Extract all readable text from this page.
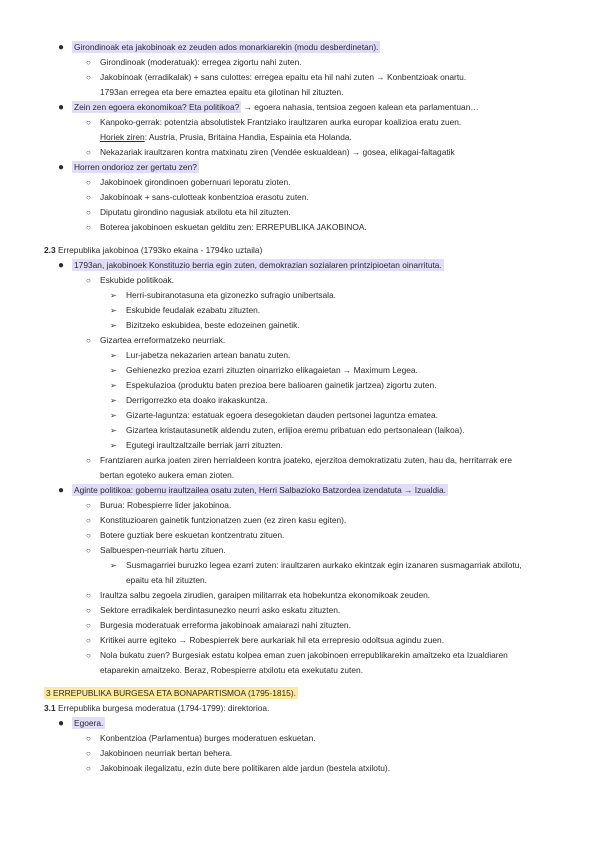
● Girondinoak eta jakobinoak ez zeuden ados monarkiarekin (modu desberdinetan).
○ Girondinoak (moderatuak): erregea zigortu nahi zuten.
○ Jakobinoak (erradikalak) + sans culottes: erregea epaitu eta hil nahi zuten → Konbentzioak onartu.
1793an erregea eta bere emaztea epaitu eta gilotinan hil zituzten.
● Zein zen egoera ekonomikoa? Eta politikoa? → egoera nahasia, tentsioa zegoen kalean eta parlamentuan…
○ Kanpoko-gerrak: potentzia absolutistek Frantziako iraultzaren aurka europar koalizioa eratu zuen.
Horiek ziren: Austria, Prusia, Britaina Handia, Espainia eta Holanda.
○ Nekazariak iraultzaren kontra matxinatu ziren (Vendée eskualdean) → gosea, elikagai-faltagatik
● Horren ondorioz zer gertatu zen?
○ Jakobinoek girondinoen gobernuari leporatu zioten.
○ Jakobinoak + sans-culotteak konbentzioa erasotu zuten.
○ Diputatu girondino nagusiak atxilotu eta hil zituzten.
○ Boterea jakobinoen eskuetan gelditu zen: ERREPUBLIKA JAKOBINOA.
2.3 Errepublika jakobinoa (1793ko ekaina - 1794ko uztaila)
● 1793an, jakobinoek Konstituzio berria egin zuten, demokrazian sozialaren printzipioetan oinarrituta.
○ Eskubide politikoak.
➢ Herri-subiranotasuna eta gizonezko sufragio unibertsala.
➢ Eskubide feudalak ezabatu zituzten.
➢ Bizitzeko eskubidea, beste edozeinen gainetik.
○ Gizartea erreformatzeko neurriak.
➢ Lur-jabetza nekazarien artean banatu zuten.
➢ Gehienezko prezioa ezarri zituzten oinarrizko elikagaietan → Maximum Legea.
➢ Espekulazioa (produktu baten prezioa bere balioaren gainetik jartzea) zigortu zuten.
➢ Derrigorrezko eta doako irakaskuntza.
➢ Gizarte-laguntza: estatuak egoera desegokietan dauden pertsonei laguntza ematea.
➢ Gizartea kristautasunetik aldendu zuten, erlijioa eremu pribatuan edo pertsonalean (laikoa).
➢ Egutegi iraultzaltzaile berriak jarri zituzten.
○ Frantziaren aurka joaten ziren herrialdeen kontra joateko, ejerzitoa demokratizatu zuten, hau da, herritarrak ere bertan egoteko aukera eman zioten.
● Aginte politikoa: gobernu iraultzailea osatu zuten, Herri Salbazioko Batzordea izendatuta → Izualdia.
○ Burua: Robespierre lider jakobinoa.
○ Konstituzioaren gainetik funtzionatzen zuen (ez ziren kasu egiten).
○ Botere guztiak bere eskuetan kontzentratu zituen.
○ Salbuespen-neurriak hartu zituen.
➢ Susmagarriei buruzko legea ezarri zuten: iraultzaren aurkako ekintzak egin izanaren susmagarriak atxilotu, epaitu eta hil zituzten.
○ Iraultza salbu zegoela zirudien, garaipen militarrak eta hobekuntza ekonomikoak zeuden.
○ Sektore erradikalek berdintasunezko neurri asko eskatu zituzten.
○ Burgesia moderatuak erreforma jakobinoak amaiarazi nahi zituzten.
○ Kritikei aurre egiteko → Robespierrek bere aurkariak hil eta errepresio odoltsua agindu zuen.
○ Nola bukatu zuen? Burgesiak estatu kolpea eman zuen jakobinoen errepublikarekin amaitzeko eta Izualdiaren etaparekin amaitzeko. Beraz, Robespierre atxilotu eta exekutatu zuten.
3 ERREPUBLIKA BURGESA ETA BONAPARTISMOA (1795-1815).
3.1 Errepublika burgesa moderatua (1794-1799): direktorioa.
● Egoera.
○ Konbentzioa (Parlamentua) burges moderatuen eskuetan.
○ Jakobinoen neurriak bertan behera.
○ Jakobinoak ilegalizatu, ezin dute bere politikaren alde jardun (bestela atxilotu).
